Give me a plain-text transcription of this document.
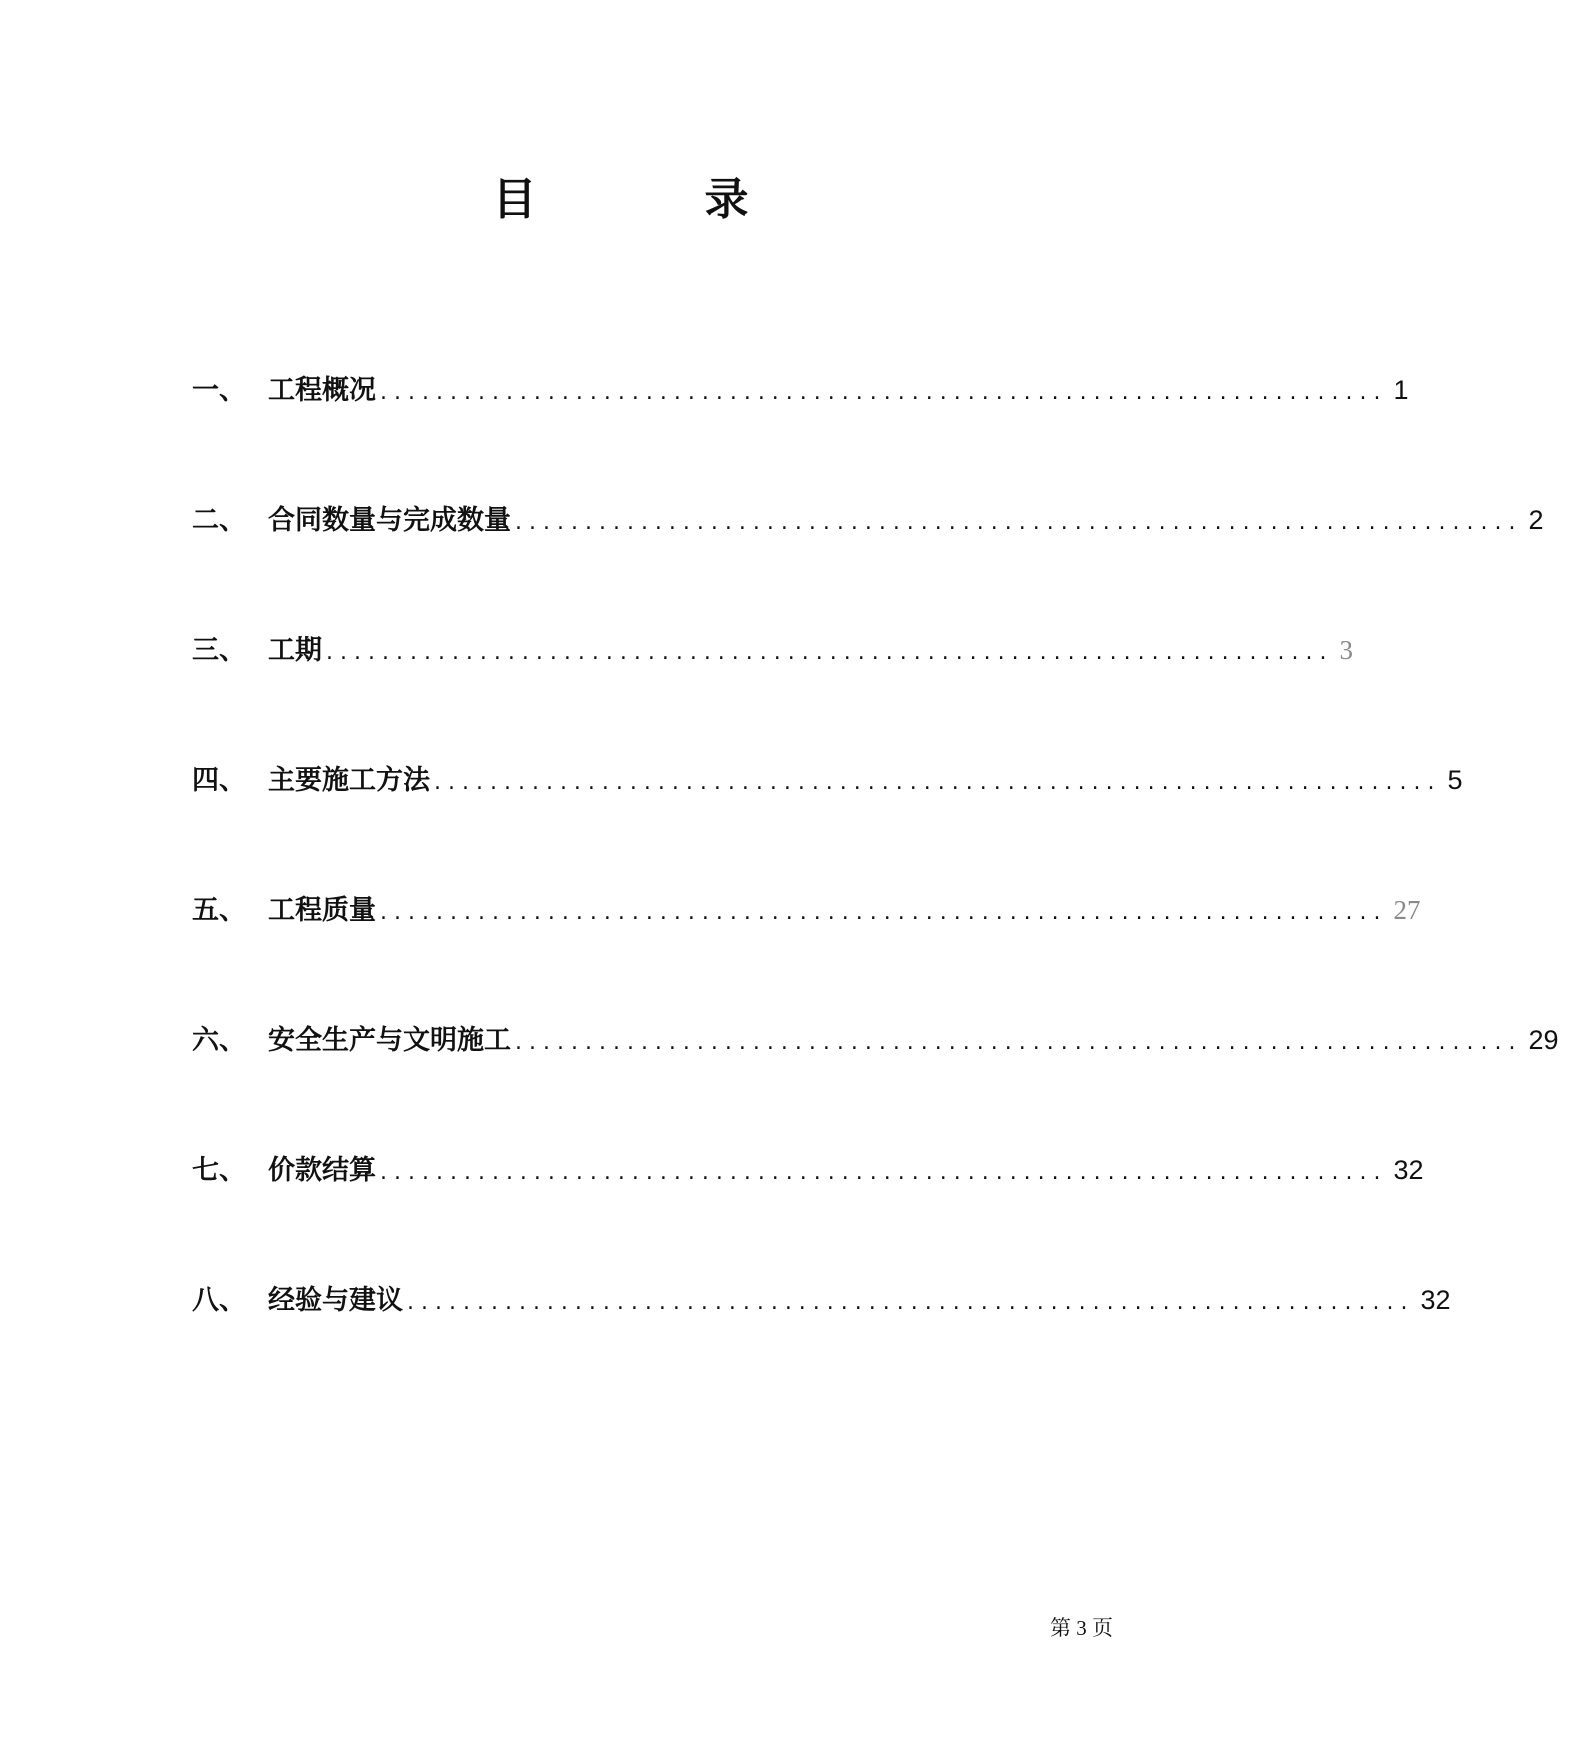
目　录
一、 工程概况 ........................................................................ 1
二、 合同数量与完成数量 ........................................................................ 2
三、 工期 ........................................................................ 3
四、 主要施工方法 ........................................................................ 5
五、 工程质量 ........................................................................ 27
六、 安全生产与文明施工 ........................................................................ 29
七、 价款结算 ........................................................................ 32
八、 经验与建议 ........................................................................ 32
第 3 页
